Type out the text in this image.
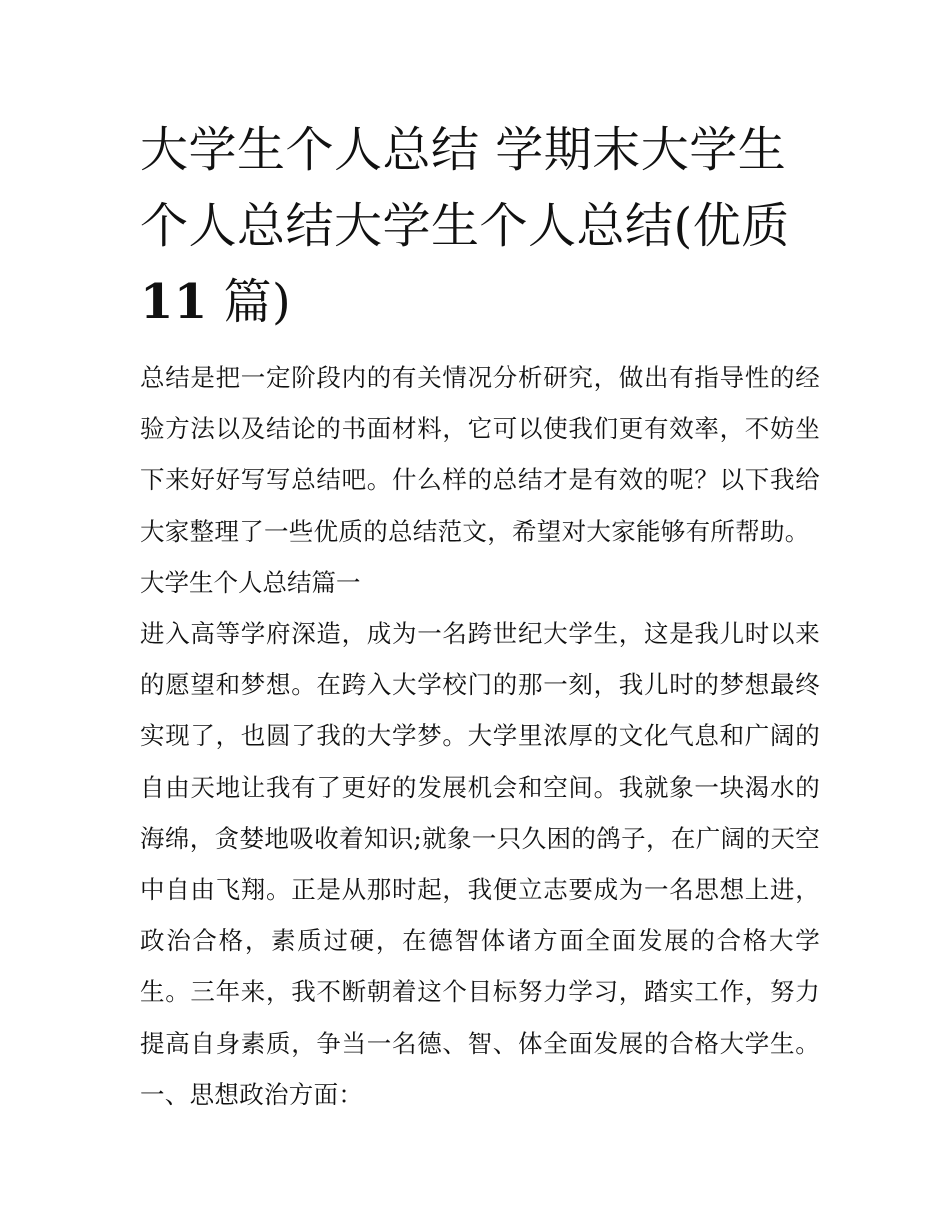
大学生个人总结 学期末大学生个人总结大学生个人总结(优质
11 篇)

总结是把一定阶段内的有关情况分析研究，做出有指导性的经验方法以及结论的书面材料，它可以使我们更有效率，不妨坐下来好好写写总结吧。什么样的总结才是有效的呢？以下我给大家整理了一些优质的总结范文，希望对大家能够有所帮助。

大学生个人总结篇一

进入高等学府深造，成为一名跨世纪大学生，这是我儿时以来的愿望和梦想。在跨入大学校门的那一刻，我儿时的梦想最终实现了，也圆了我的大学梦。大学里浓厚的文化气息和广阔的自由天地让我有了更好的发展机会和空间。我就象一块渴水的海绵，贪婪地吸收着知识;就象一只久困的鸽子，在广阔的天空中自由飞翔。正是从那时起，我便立志要成为一名思想上进，政治合格，素质过硬，在德智体诸方面全面发展的合格大学生。三年来，我不断朝着这个目标努力学习，踏实工作，努力提高自身素质，争当一名德、智、体全面发展的合格大学生。一、思想政治方面：
